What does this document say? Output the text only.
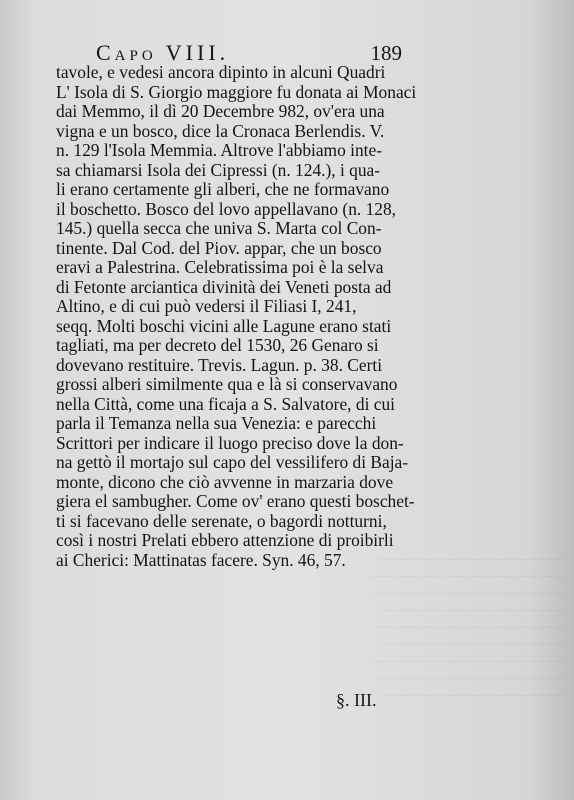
..............................................................
.................................................................
................................................................
..............................................................
...............................................................
.............................................................
................................................................
...............................................................
.............................................................
Capo VIII.	189
tavole, e vedesi ancora dipinto in alcuni Quadri
L' Isola di S. Giorgio maggiore fu donata ai Monaci
dai Memmo, il dì 20 Decembre 982, ov'era una
vigna e un bosco, dice la Cronaca Berlendis. V.
n. 129 l'Isola Memmia. Altrove l'abbiamo inte-
sa chiamarsi Isola dei Cipressi (n. 124.), i qua-
li erano certamente gli alberi, che ne formavano
il boschetto. Bosco del lovo appellavano (n. 128,
145.) quella secca che univa S. Marta col Con-
tinente. Dal Cod. del Piov. appar, che un bosco
eravi a Palestrina. Celebratissima poi è la selva
di Fetonte arciantica divinità dei Veneti posta ad
Altino, e di cui può vedersi il Filiasi I, 241,
seqq. Molti boschi vicini alle Lagune erano stati
tagliati, ma per decreto del 1530, 26 Genaro si
dovevano restituire. Trevis. Lagun. p. 38. Certi
grossi alberi similmente qua e là si conservavano
nella Città, come una ficaja a S. Salvatore, di cui
parla il Temanza nella sua Venezia: e parecchi
Scrittori per indicare il luogo preciso dove la don-
na gettò il mortajo sul capo del vessilifero di Baja-
monte, dicono che ciò avvenne in marzaria dove
giera el sambugher. Come ov' erano questi boschet-
ti si facevano delle serenate, o bagordi notturni,
così i nostri Prelati ebbero attenzione di proibirli
ai Cherici: Mattinatas facere. Syn. 46, 57.
§. III.
